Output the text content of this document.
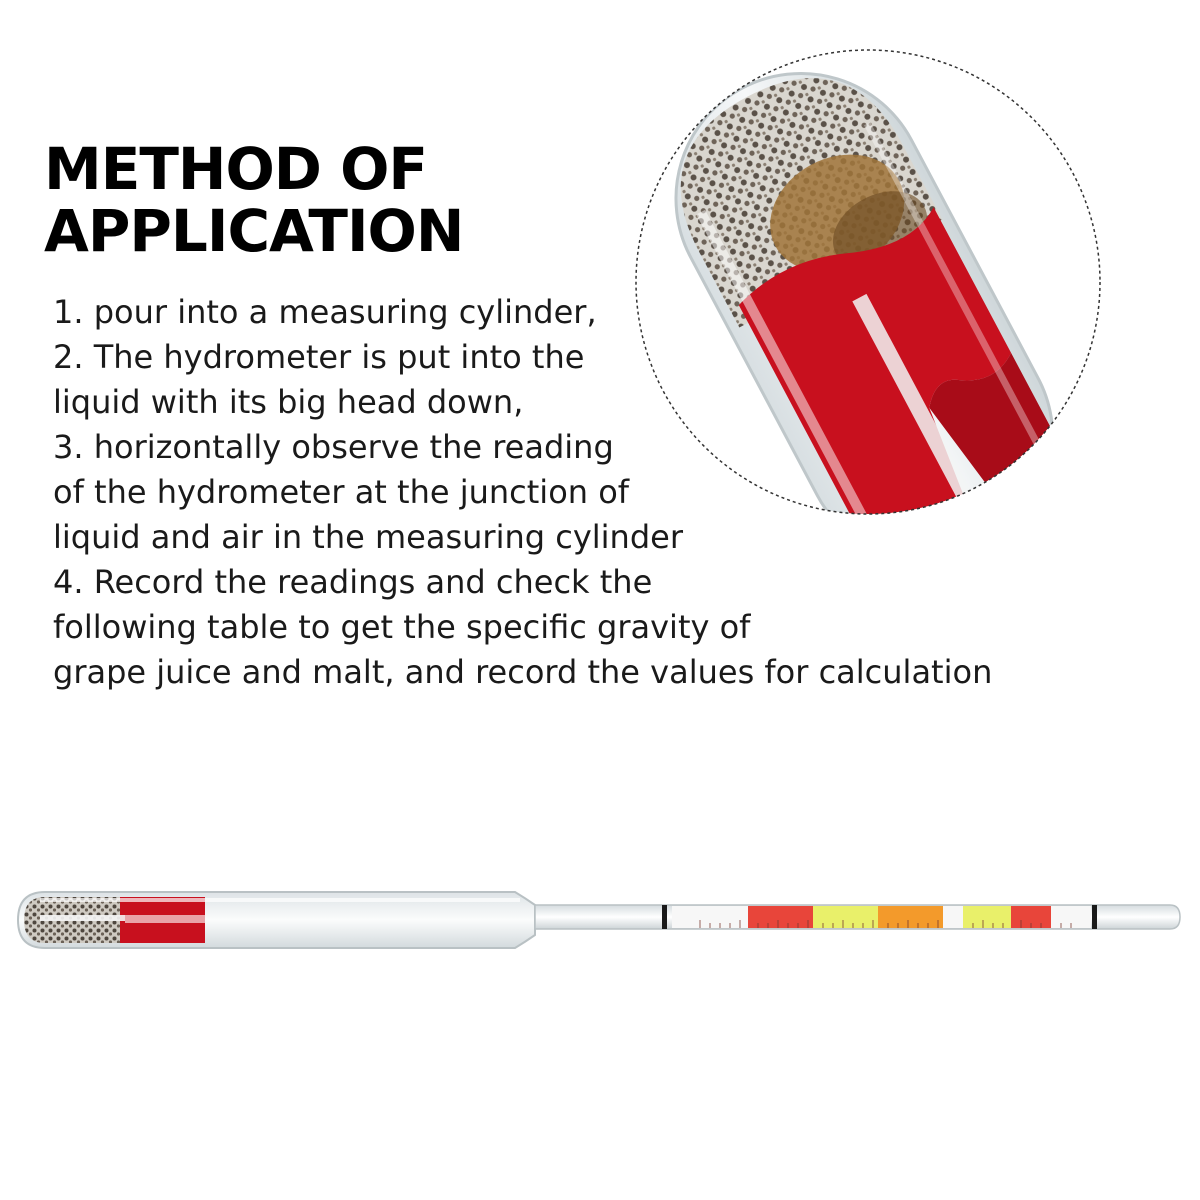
METHOD OF
APPLICATION
1. pour into a measuring cylinder,
2. The hydrometer is put into the
liquid with its big head down,
3. horizontally observe the reading
of the hydrometer at the junction of
liquid and air in the measuring cylinder
4. Record the readings and check the
following table to get the specific gravity of
grape juice and malt, and record the values for calculation
